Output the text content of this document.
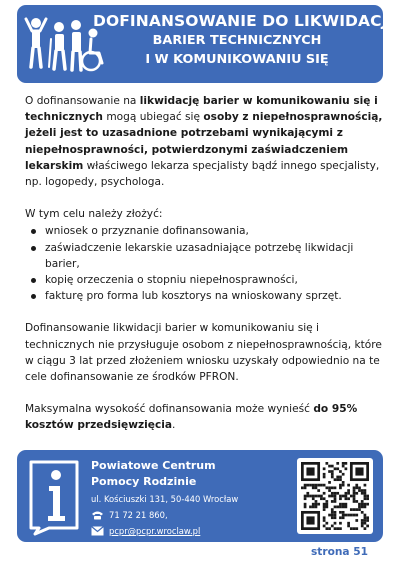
DOFINANSOWANIE DO LIKWIDACJI
BARIER TECHNICZNYCH
I W KOMUNIKOWANIU SIĘ

O dofinansowanie na likwidację barier w komunikowaniu się i technicznych mogą ubiegać się osoby z niepełnosprawnością, jeżeli jest to uzasadnione potrzebami wynikającymi z niepełnosprawności, potwierdzonymi zaświadczeniem lekarskim właściwego lekarza specjalisty bądź innego specjalisty, np. logopedy, psychologa.

W tym celu należy złożyć:
wniosek o przyznanie dofinansowania,
zaświadczenie lekarskie uzasadniające potrzebę likwidacji barier,
kopię orzeczenia o stopniu niepełnosprawności,
fakturę pro forma lub kosztorys na wnioskowany sprzęt.

Dofinansowanie likwidacji barier w komunikowaniu się i technicznych nie przysługuje osobom z niepełnosprawnością, które w ciągu 3 lat przed złożeniem wniosku uzyskały odpowiednio na te cele dofinansowanie ze środków PFRON.

Maksymalna wysokość dofinansowania może wynieść do 95% kosztów przedsięwzięcia.

Powiatowe Centrum
Pomocy Rodzinie
ul. Kościuszki 131, 50-440 Wrocław
71 72 21 860,
pcpr@pcpr.wroclaw.pl
strona 51
